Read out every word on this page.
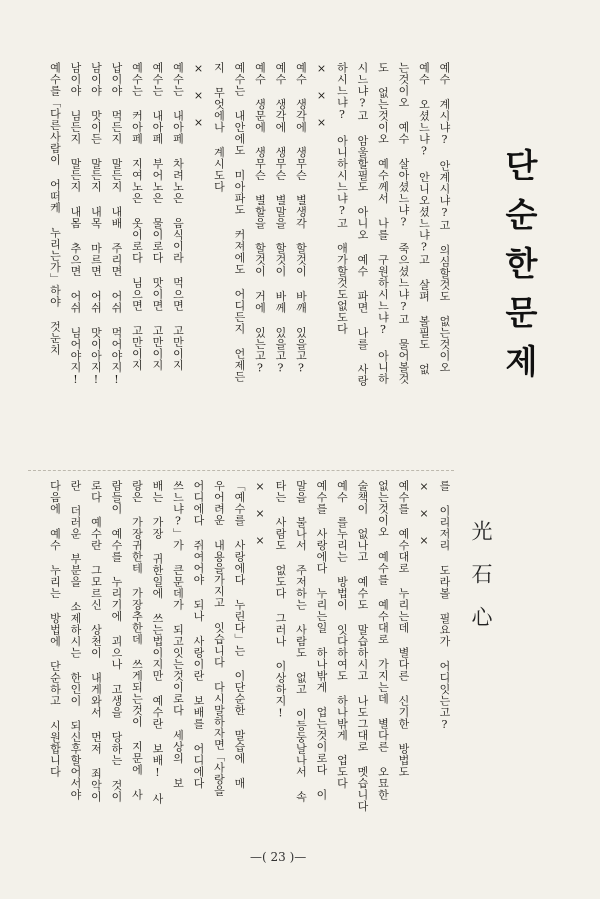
단순한문제
光石心
예수 계시냐? 안계시냐?고 의심할것도 없는것이오
예수 오셨느냐? 안니오셨느냐?고 살펴 볼필도 없
는것이오 예수 살아셨느냐? 죽으셨느냐?고 물어볼것
도 없는것이오 예수께서 나를 구원하시느냐? 아니하
시느냐?고 암울할필도 아니오 예수 파면 나를 사랑
하시느냐? 아니하시느냐?고 애가할것도없도다
× × ×
예수 생각에 생무슨 별생각 할것이 바깨 있을고?
예수 생각에 생무슨 별말을 할것이 바께 있을고?
예수 생문에 생무슨 별할을 할것이 거에 있는고?
예수는 내안에도 미아파도 커져에도 어디든지 언제든
지 무엇에나 계시도다
× × ×
예수는 내아페 차려노은 음식이라 먹으면 고만이지
예수는 내아페 부어노은 물이로다 맛이면 고만이지
예수는 커아페 지여노은 옷이로다 님으면 고만이지
납이야 먹든지 말든지 내배 주리면 어쉬 먹어야지!
남이야 맛이든 말든지 내목 마르면 어쉬 맛이아지!
남이야 님든지 말든지 내몸 추으면 어쉬 님어야지!
예수를「다른사람이 어떠케 누리는가」하야 것눈치
를 이리저리 도라볼 필요가 어디잇는고?
× × ×
예수를 예수대로 누리는데 별다른 신기한 방법도
없는것이오 예수를 예수대로 가지는데 별다른 오묘한
술책이 없나고 예수도 말습하시고 나도그대로 멧습니다
예수 를누리는 방법이 잇다하여도 하나밖게 업도다
예수를 사랑에다 누리는일 하나밖게 업는것이로다 이
말을 불나서 주저하는 사람도 없고 이등둥날나서 속
타는 사람도 없도다 그러나 이상하지!
× × ×
「예수를 사랑에다 누린다」는 이단순한 말습에 매
우어려운 내용을가지고 잇습니다 다시말하자면「사랑을
어디에다 쥐여어야 되나 사랑이란 보배를 어디에다
쓰느냐?」가 큰문데가 되고잇는것이로다 세상의 보
배는 가장 귀한일에 쓰는법이지만 예수란 보배! 사
랑은 가장귀한테 가장추한데 쓰게되는것이 지문에 사
람들이 예수를 누리기에 괴으나 고생을 당하는 것이
로다 예수란 그모르신 상천이 내게와서 먼저 죄악이
란 더러운 부분을 소제하시는 한인이 되신후할어서야
다음에 예수 누리는 방법에 단순하고 시원합니다
—( 23 )—
